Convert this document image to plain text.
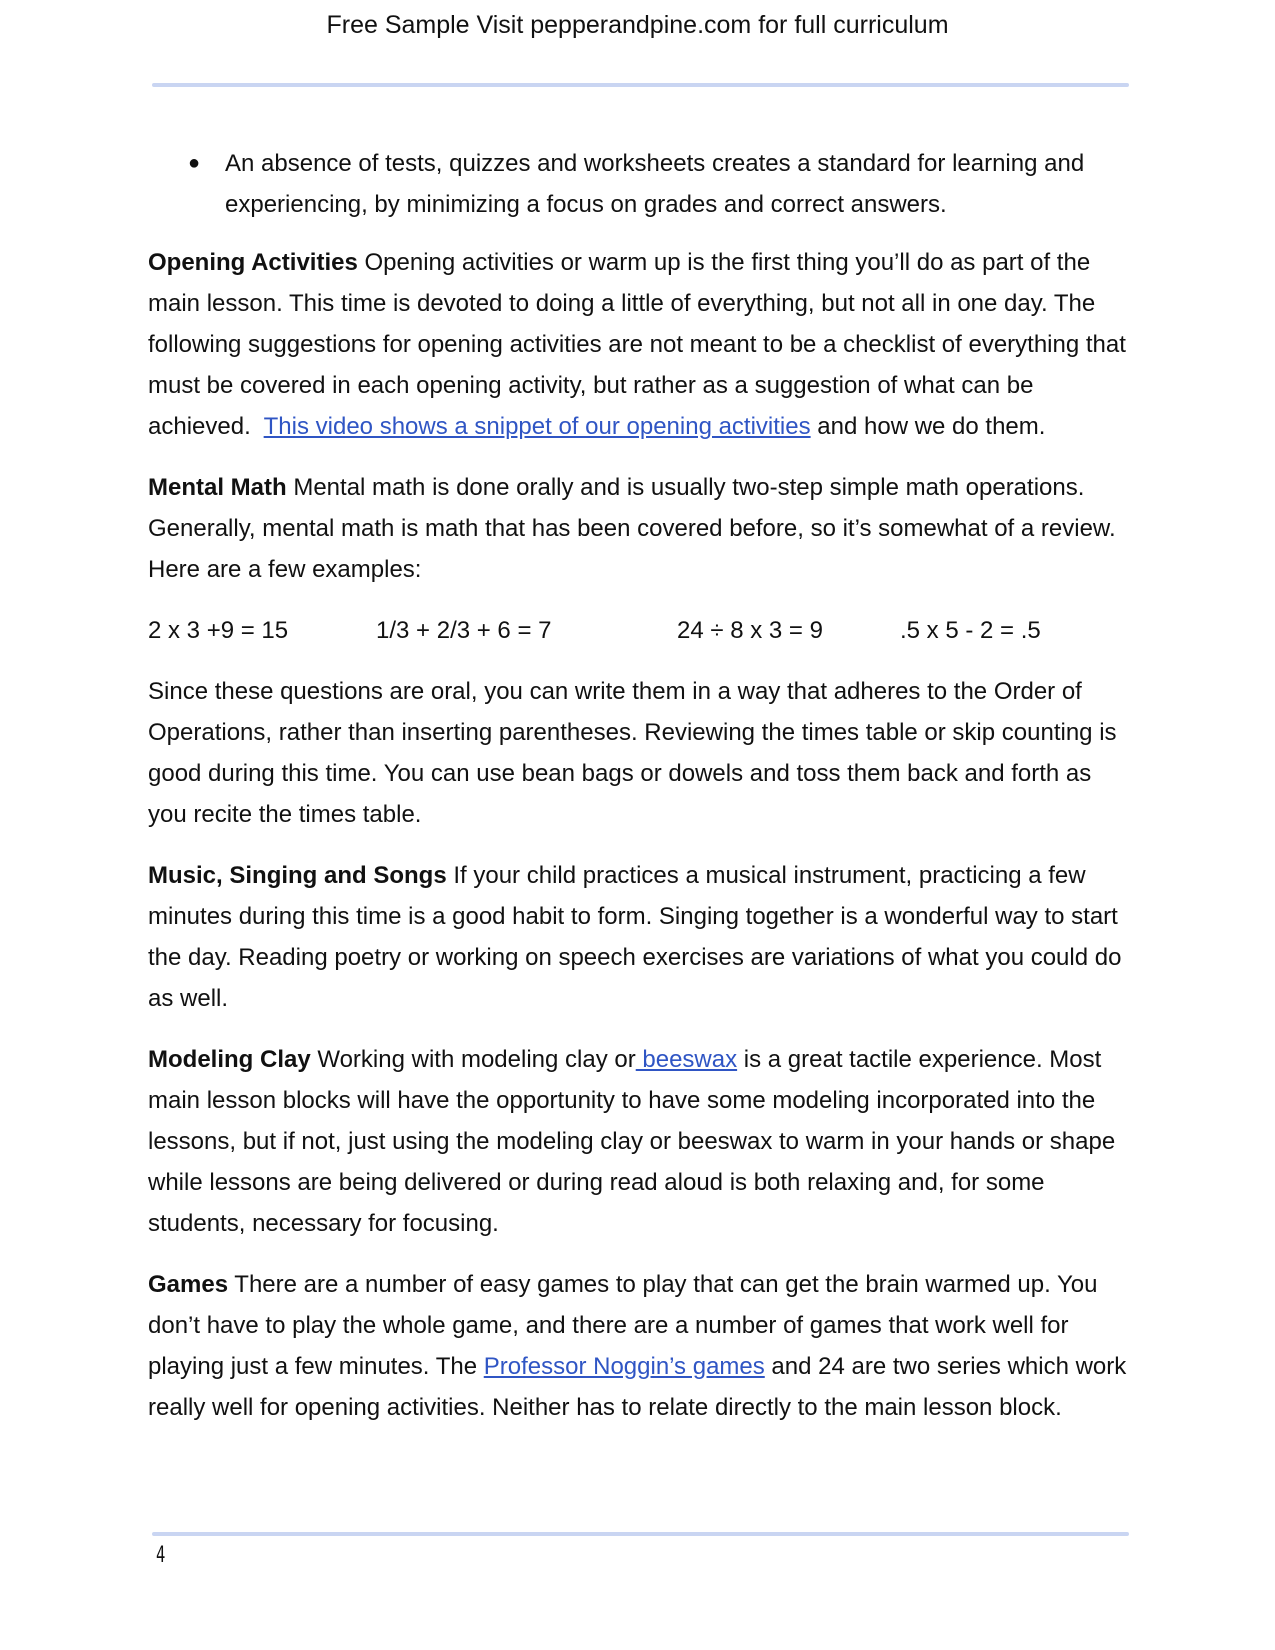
Free Sample Visit pepperandpine.com for full curriculum
●	An absence of tests, quizzes and worksheets creates a standard for learning and experiencing, by minimizing a focus on grades and correct answers.

Opening Activities Opening activities or warm up is the first thing you’ll do as part of the main lesson. This time is devoted to doing a little of everything, but not all in one day. The following suggestions for opening activities are not meant to be a checklist of everything that must be covered in each opening activity, but rather as a suggestion of what can be achieved.  This video shows a snippet of our opening activities and how we do them.

Mental Math Mental math is done orally and is usually two-step simple math operations. Generally, mental math is math that has been covered before, so it’s somewhat of a review. Here are a few examples:

2 x 3 +9 = 15	1/3 + 2/3 + 6 = 7	24 ÷ 8 x 3 = 9	.5 x 5 - 2 = .5

Since these questions are oral, you can write them in a way that adheres to the Order of Operations, rather than inserting parentheses. Reviewing the times table or skip counting is good during this time. You can use bean bags or dowels and toss them back and forth as you recite the times table.

Music, Singing and Songs If your child practices a musical instrument, practicing a few minutes during this time is a good habit to form. Singing together is a wonderful way to start the day. Reading poetry or working on speech exercises are variations of what you could do as well.

Modeling Clay Working with modeling clay or beeswax is a great tactile experience. Most main lesson blocks will have the opportunity to have some modeling incorporated into the lessons, but if not, just using the modeling clay or beeswax to warm in your hands or shape while lessons are being delivered or during read aloud is both relaxing and, for some students, necessary for focusing.

Games There are a number of easy games to play that can get the brain warmed up. You don’t have to play the whole game, and there are a number of games that work well for playing just a few minutes. The Professor Noggin’s games and 24 are two series which work really well for opening activities. Neither has to relate directly to the main lesson block.

4
